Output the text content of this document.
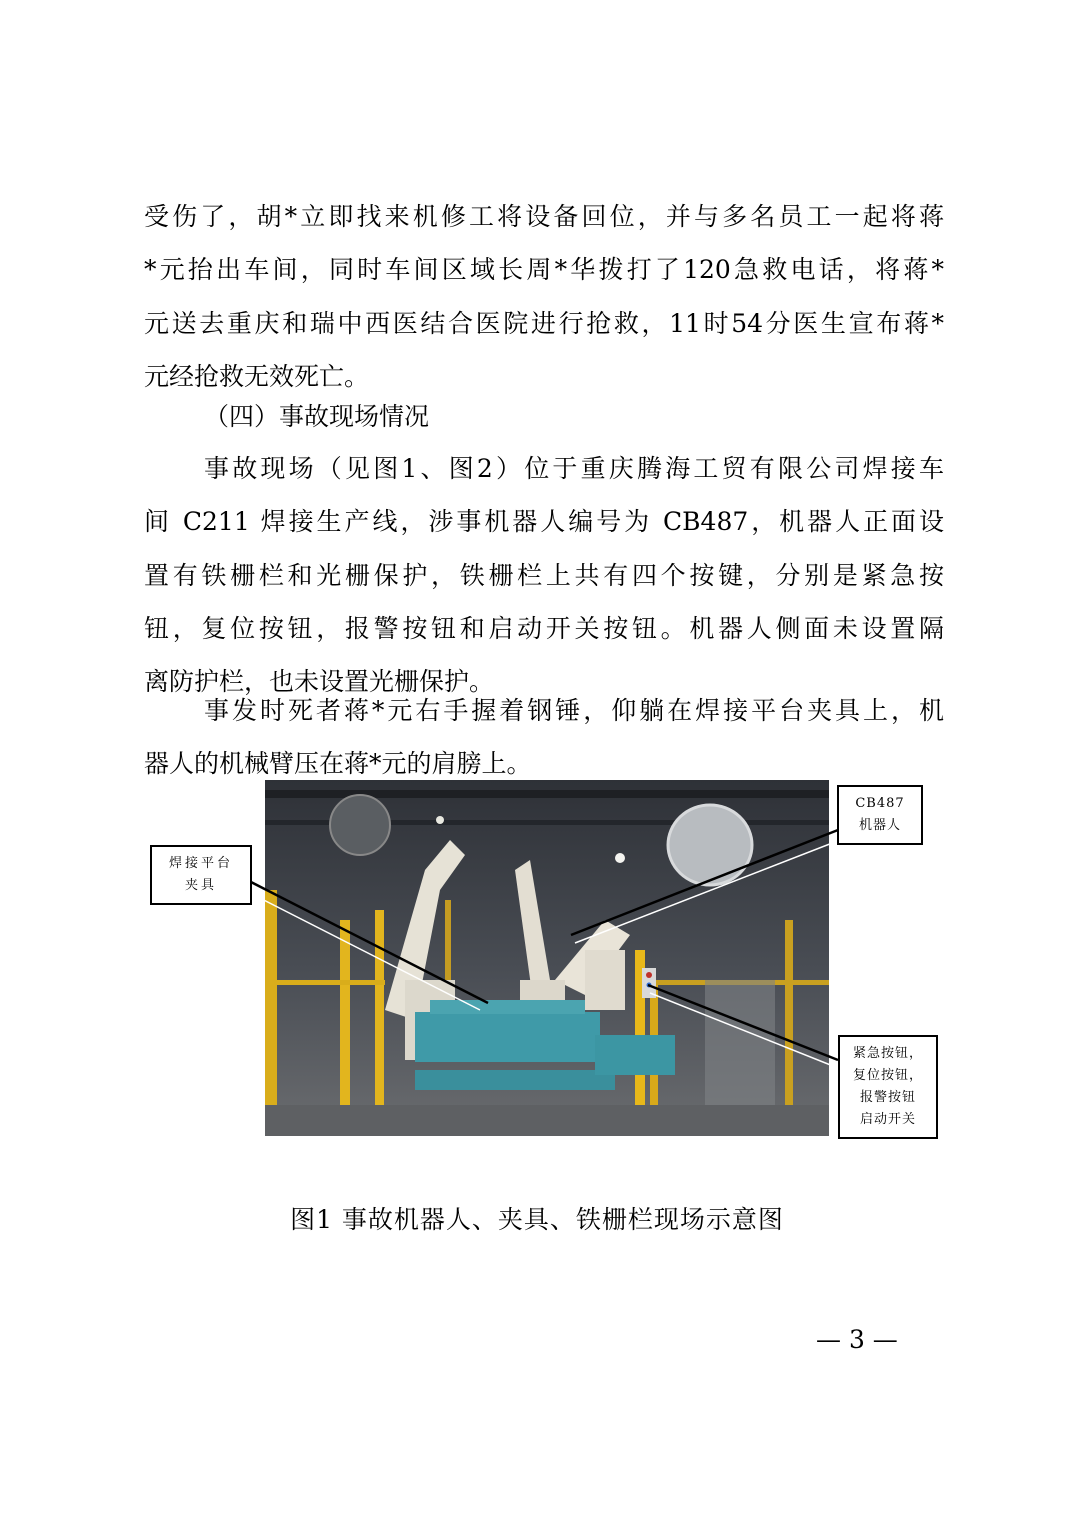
受伤了，胡*立即找来机修工将设备回位，并与多名员工一起将蒋
*元抬出车间，同时车间区域长周*华拨打了120急救电话，将蒋*
元送去重庆和瑞中西医结合医院进行抢救，11时54分医生宣布蒋*
元经抢救无效死亡。
（四）事故现场情况
事故现场（见图1、图2）位于重庆腾海工贸有限公司焊接车
间 C211 焊接生产线，涉事机器人编号为 CB487，机器人正面设
置有铁栅栏和光栅保护，铁栅栏上共有四个按键，分别是紧急按
钮，复位按钮，报警按钮和启动开关按钮。机器人侧面未设置隔
离防护栏，也未设置光栅保护。
事发时死者蒋*元右手握着钢锤，仰躺在焊接平台夹具上，机
器人的机械臂压在蒋*元的肩膀上。
焊接平台
夹具
CB487
机器人
紧急按钮，
复位按钮，
报警按钮
启动开关
图1 事故机器人、夹具、铁栅栏现场示意图
— 3 —
